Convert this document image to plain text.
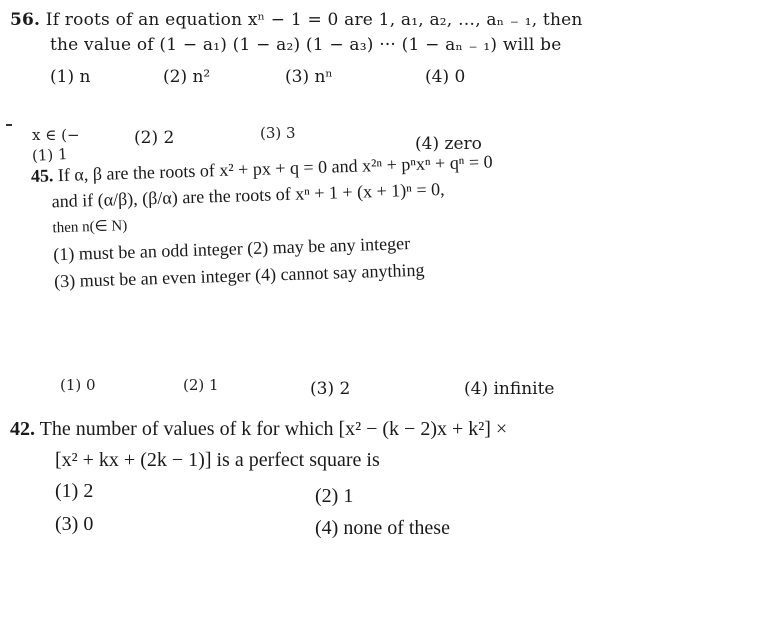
56. If roots of an equation xⁿ − 1 = 0 are 1, a₁, a₂, …, aₙ ₋ ₁, then
the value of (1 − a₁) (1 − a₂) (1 − a₃) ··· (1 − aₙ ₋ ₁) will be
(1) n	(2) n²	(3) nⁿ	(4) 0
x ∈ (−
(1) 1
(2) 2	(3) 3
(4) zero
45. If α, β are the roots of x² + px + q = 0 and x²ⁿ + pⁿxⁿ + qⁿ = 0
and if (α/β), (β/α) are the roots of xⁿ + 1 + (x + 1)ⁿ = 0,
then n(∈ N)
(1) must be an odd integer (2) may be any integer
(3) must be an even integer (4) cannot say anything
(1) 0	(2) 1	(3) 2	(4) infinite
42. The number of values of k for which [x² − (k − 2)x + k²] ×
[x² + kx + (2k − 1)] is a perfect square is
(1) 2	(2) 1
(3) 0	(4) none of these
